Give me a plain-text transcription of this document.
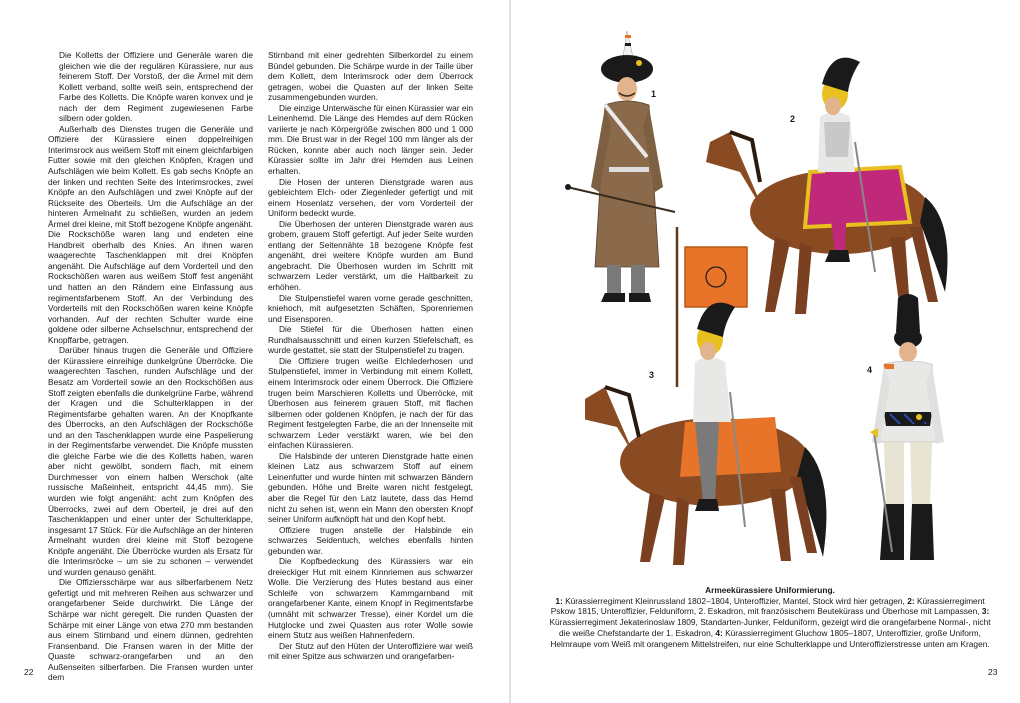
Die Kolletts der Offiziere und Generäle waren die gleichen wie die der regulären Kürassiere, nur aus feinerem Stoff. Der Vorstoß, der die Ärmel mit dem Kollett verband, sollte weiß sein, entsprechend der Farbe des Kolletts. Die Knöpfe waren konvex und je nach der dem Regiment zugewiesenen Farbe silbern oder golden.

Außerhalb des Dienstes trugen die Generäle und Offiziere der Kürassiere einen doppelreihigen Interimsrock aus weißem Stoff mit einem gleichfarbigen Futter sowie mit den gleichen Knöpfen, Kragen und Aufschlägen wie beim Kollett. Es gab sechs Knöpfe an der linken und rechten Seite des Interimsrockes, zwei Knöpfe an den Aufschlägen und zwei Knöpfe auf der Rückseite des Oberteils. Um die Aufschläge an der hinteren Ärmelnaht zu schließen, wurden an jedem Ärmel drei kleine, mit Stoff bezogene Knöpfe angenäht. Die Rockschöße waren lang und endeten eine Handbreit oberhalb des Knies. An ihnen waren waagerechte Taschenklappen mit drei Knöpfen angenäht. Die Aufschläge auf dem Vorderteil und den Rockschößen waren aus weißem Stoff fest angenäht und hatten an den Rändern eine Einfassung aus regimentsfarbenem Stoff. An der Verbindung des Vorderteils mit den Rockschößen waren keine Knöpfe vorhanden. Auf der rechten Schulter wurde eine goldene oder silberne Achselschnur, entsprechend der Knopffarbe, getragen.

Darüber hinaus trugen die Generäle und Offiziere der Kürassiere einreihige dunkelgrüne Überröcke. Die waagerechten Taschen, runden Aufschläge und der Besatz am Vorderteil sowie an den Rockschößen aus Stoff zeigten ebenfalls die dunkelgrüne Farbe, während der Kragen und die Schulterklappen in der Regimentsfarbe gehalten waren. An der Knopfkante des Überrocks, an den Aufschlägen der Rockschöße und an den Taschenklappen wurde eine Paspelierung in der Regimentsfarbe verwendet. Die Knöpfe mussten die gleiche Farbe wie die des Kolletts haben, waren aber nicht gewölbt, sondern flach, mit einem Durchmesser von einem halben Werschok (alte russische Maßeinheit, entspricht 44,45 mm). Sie wurden wie folgt angenäht: acht zum Knöpfen des Überrocks, zwei auf dem Oberteil, je drei auf den Taschenklappen und einer unter der Schulterklappe, insgesamt 17 Stück. Für die Aufschläge an der hinteren Ärmelnaht wurden drei kleine mit Stoff bezogene Knöpfe angenäht. Die Überröcke wurden als Ersatz für die Interimsröcke – um sie zu schonen – verwendet und wurden genauso genäht.

Die Offiziersschärpe war aus silberfarbenem Netz gefertigt und mit mehreren Reihen aus schwarzer und orangefarbener Seide durchwirkt. Die Länge der Schärpe war nicht geregelt. Die runden Quasten der Schärpe mit einer Länge von etwa 270 mm bestanden aus einem Stirnband und einem dünnen, gedrehten Fransenband. Die Fransen waren in der Mitte der Quaste schwarz-orangefarben und an den Außenseiten silberfarben. Die Fransen wurden unter dem

Stirnband mit einer gedrehten Silberkordel zu einem Bündel gebunden. Die Schärpe wurde in der Taille über dem Kollett, dem Interimsrock oder dem Überrock getragen, wobei die Quasten auf der linken Seite zusammengebunden wurden.

Die einzige Unterwäsche für einen Kürassier war ein Leinenhemd. Die Länge des Hemdes auf dem Rücken variierte je nach Körpergröße zwischen 800 und 1 000 mm. Die Brust war in der Regel 100 mm länger als der Rücken, konnte aber auch noch länger sein. Jeder Kürassier sollte im Jahr drei Hemden aus Leinen erhalten.

Die Hosen der unteren Dienstgrade waren aus gebleichtem Elch- oder Ziegenleder gefertigt und mit einem Hosenlatz versehen, der vom Vorderteil der Uniform bedeckt wurde.

Die Überhosen der unteren Dienstgrade waren aus grobem, grauem Stoff gefertigt. Auf jeder Seite wurden entlang der Seitennähte 18 bezogene Knöpfe fest angenäht, drei weitere Knöpfe wurden am Bund angebracht. Die Überhosen wurden im Schritt mit schwarzem Leder verstärkt, um die Haltbarkeit zu erhöhen.

Die Stulpenstiefel waren vorne gerade geschnitten, kniehoch, mit aufgesetzten Schäften, Sporenriemen und Eisensporen.

Die Stiefel für die Überhosen hatten einen Rundhalsausschnitt und einen kurzen Stiefelschaft, es wurde gestattet, sie statt der Stulpenstiefel zu tragen.

Die Offiziere trugen weiße Elchlederhosen und Stulpenstiefel, immer in Verbindung mit einem Kollett, einem Interimsrock oder einem Überrock. Die Offiziere trugen beim Marschieren Kolletts und Überröcke, mit Überhosen aus feinerem grauen Stoff, mit flachen silbernen oder goldenen Knöpfen, je nach der für das Regiment festgelegten Farbe, die an der Innenseite mit schwarzem Leder verstärkt waren, wie bei den einfachen Kürassieren.

Die Halsbinde der unteren Dienstgrade hatte einen kleinen Latz aus schwarzem Stoff auf einem Leinenfutter und wurde hinten mit schwarzen Bändern gebunden. Höhe und Breite waren nicht festgelegt, aber die Regel für den Latz lautete, dass das Hemd nicht zu sehen ist, wenn ein Mann den obersten Knopf seiner Uniform aufknöpft hat und den Kopf hebt.

Offiziere trugen anstelle der Halsbinde ein schwarzes Seidentuch, welches ebenfalls hinten gebunden war.

Die Kopfbedeckung des Kürassiers war ein dreieckiger Hut mit einem Kinnriemen aus schwarzer Wolle. Die Verzierung des Hutes bestand aus einer Schleife von schwarzem Kammgarnband mit orangefarbener Kante, einem Knopf in Regimentsfarbe (umnäht mit schwarzer Tresse), einer Kordel um die Hutglocke und zwei Quasten aus roter Wolle sowie einem Stutz aus weißen Hahnenfedern.

Der Stutz auf den Hüten der Unteroffiziere war weiß mit einer Spitze aus schwarzen und orangefarben-

22
1
2
3	4
Armeekürassiere Uniformierung.
1: Kürassierregiment Kleinrussland 1802–1804, Unteroffizier, Mantel, Stock wird hier getragen, 2: Kürassierregiment Pskow 1815, Unteroffizier, Felduniform, 2. Eskadron, mit französischem Beutekürass und Überhose mit Lampassen, 3: Kürassierregiment Jekaterinoslaw 1809, Standarten-Junker, Felduniform, gezeigt wird die orangefarbene Normal-, nicht die weiße Chefstandarte der 1. Eskadron, 4: Kürassierregiment Gluchow 1805–1807, Unteroffizier, große Uniform, Helmraupe vom Weiß mit orangenem Mittelstreifen, nur eine Schulterklappe und Unteroffizierstresse unten am Kragen.
23
